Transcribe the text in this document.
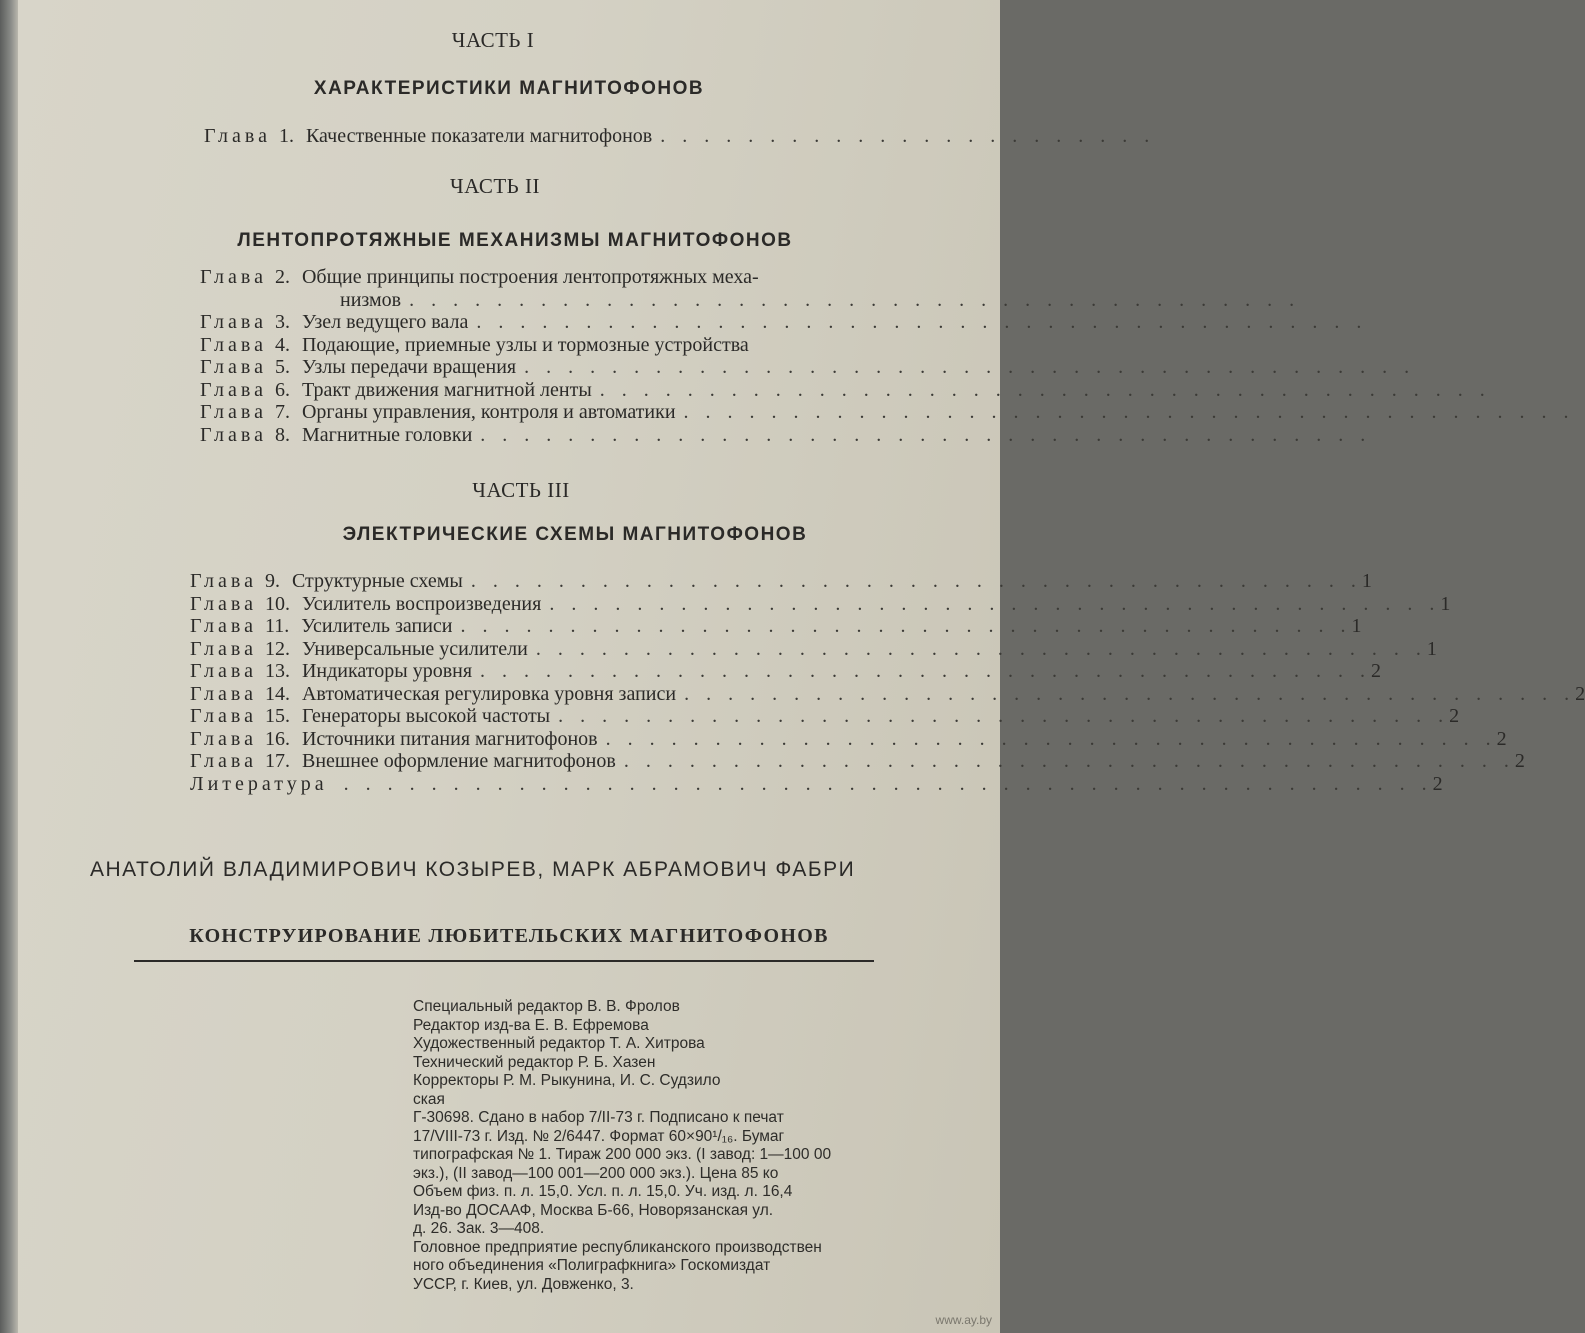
ЧАСТЬ I
ХАРАКТЕРИСТИКИ МАГНИТОФОНОВ
Глава 1. Качественные показатели магнитофонов . . . . . . . . . . . . . . . . . . . . . . .
ЧАСТЬ II
ЛЕНТОПРОТЯЖНЫЕ МЕХАНИЗМЫ МАГНИТОФОНОВ
Глава 2. Общие принципы построения лентопротяжных меха-
низмов . . . . . . . . . . . . . . . . . . . . . . . . . . . . . . . . . . . . . . . . .
Глава 3. Узел ведущего вала . . . . . . . . . . . . . . . . . . . . . . . . . . . . . . . . . . . . . . . . .
Глава 4. Подающие, приемные узлы и тормозные устройства
Глава 5. Узлы передачи вращения . . . . . . . . . . . . . . . . . . . . . . . . . . . . . . . . . . . . . . . . .
Глава 6. Тракт движения магнитной ленты . . . . . . . . . . . . . . . . . . . . . . . . . . . . . . . . . . . . . . . . .
Глава 7. Органы управления, контроля и автоматики . . . . . . . . . . . . . . . . . . . . . . . . . . . . . . . . . . . . . . . . .
Глава 8. Магнитные головки . . . . . . . . . . . . . . . . . . . . . . . . . . . . . . . . . . . . . . . . .
ЧАСТЬ III
ЭЛЕКТРИЧЕСКИЕ СХЕМЫ МАГНИТОФОНОВ
Глава 9. Структурные схемы . . . . . . . . . . . . . . . . . . . . . . . . . . . . . . . . . . . . . . . . . 1
Глава 10. Усилитель воспроизведения . . . . . . . . . . . . . . . . . . . . . . . . . . . . . . . . . . . . . . . . . 1
Глава 11. Усилитель записи . . . . . . . . . . . . . . . . . . . . . . . . . . . . . . . . . . . . . . . . . 1
Глава 12. Универсальные усилители . . . . . . . . . . . . . . . . . . . . . . . . . . . . . . . . . . . . . . . . . 1
Глава 13. Индикаторы уровня . . . . . . . . . . . . . . . . . . . . . . . . . . . . . . . . . . . . . . . . . 2
Глава 14. Автоматическая регулировка уровня записи . . . . . . . . . . . . . . . . . . . . . . . . . . . . . . . . . . . . . . . . . 2
Глава 15. Генераторы высокой частоты . . . . . . . . . . . . . . . . . . . . . . . . . . . . . . . . . . . . . . . . . 2
Глава 16. Источники питания магнитофонов . . . . . . . . . . . . . . . . . . . . . . . . . . . . . . . . . . . . . . . . . 2
Глава 17. Внешнее оформление магнитофонов . . . . . . . . . . . . . . . . . . . . . . . . . . . . . . . . . . . . . . . . . 2
Литература . . . . . . . . . . . . . . . . . . . . . . . . . . . . . . . . . . . . . . . . . . . . . . . . . . 2
АНАТОЛИЙ ВЛАДИМИРОВИЧ КОЗЫРЕВ, МАРК АБРАМОВИЧ ФАБРИ
КОНСТРУИРОВАНИЕ ЛЮБИТЕЛЬСКИХ МАГНИТОФОНОВ
Специальный редактор В. В. Фролов
Редактор изд-ва Е. В. Ефремова
Художественный редактор Т. А. Хитрова
Технический редактор Р. Б. Хазен
Корректоры Р. М. Рыкунина, И. С. Судзило
ская
Г-30698. Сдано в набор 7/II-73 г. Подписано к печат
17/VIII-73 г. Изд. № 2/6447. Формат 60×90¹/₁₆. Бумаг
типографская № 1. Тираж 200 000 экз. (I завод: 1—100 00
экз.), (II завод—100 001—200 000 экз.). Цена 85 ко
Объем физ. п. л. 15,0. Усл. п. л. 15,0. Уч. изд. л. 16,4
Изд-во ДОСААФ, Москва Б-66, Новорязанская ул.
д. 26. Зак. 3—408.
Головное предприятие республиканского производствен
ного объединения «Полиграфкнига» Госкомиздат
УССР, г. Киев, ул. Довженко, 3.
www.ay.by
